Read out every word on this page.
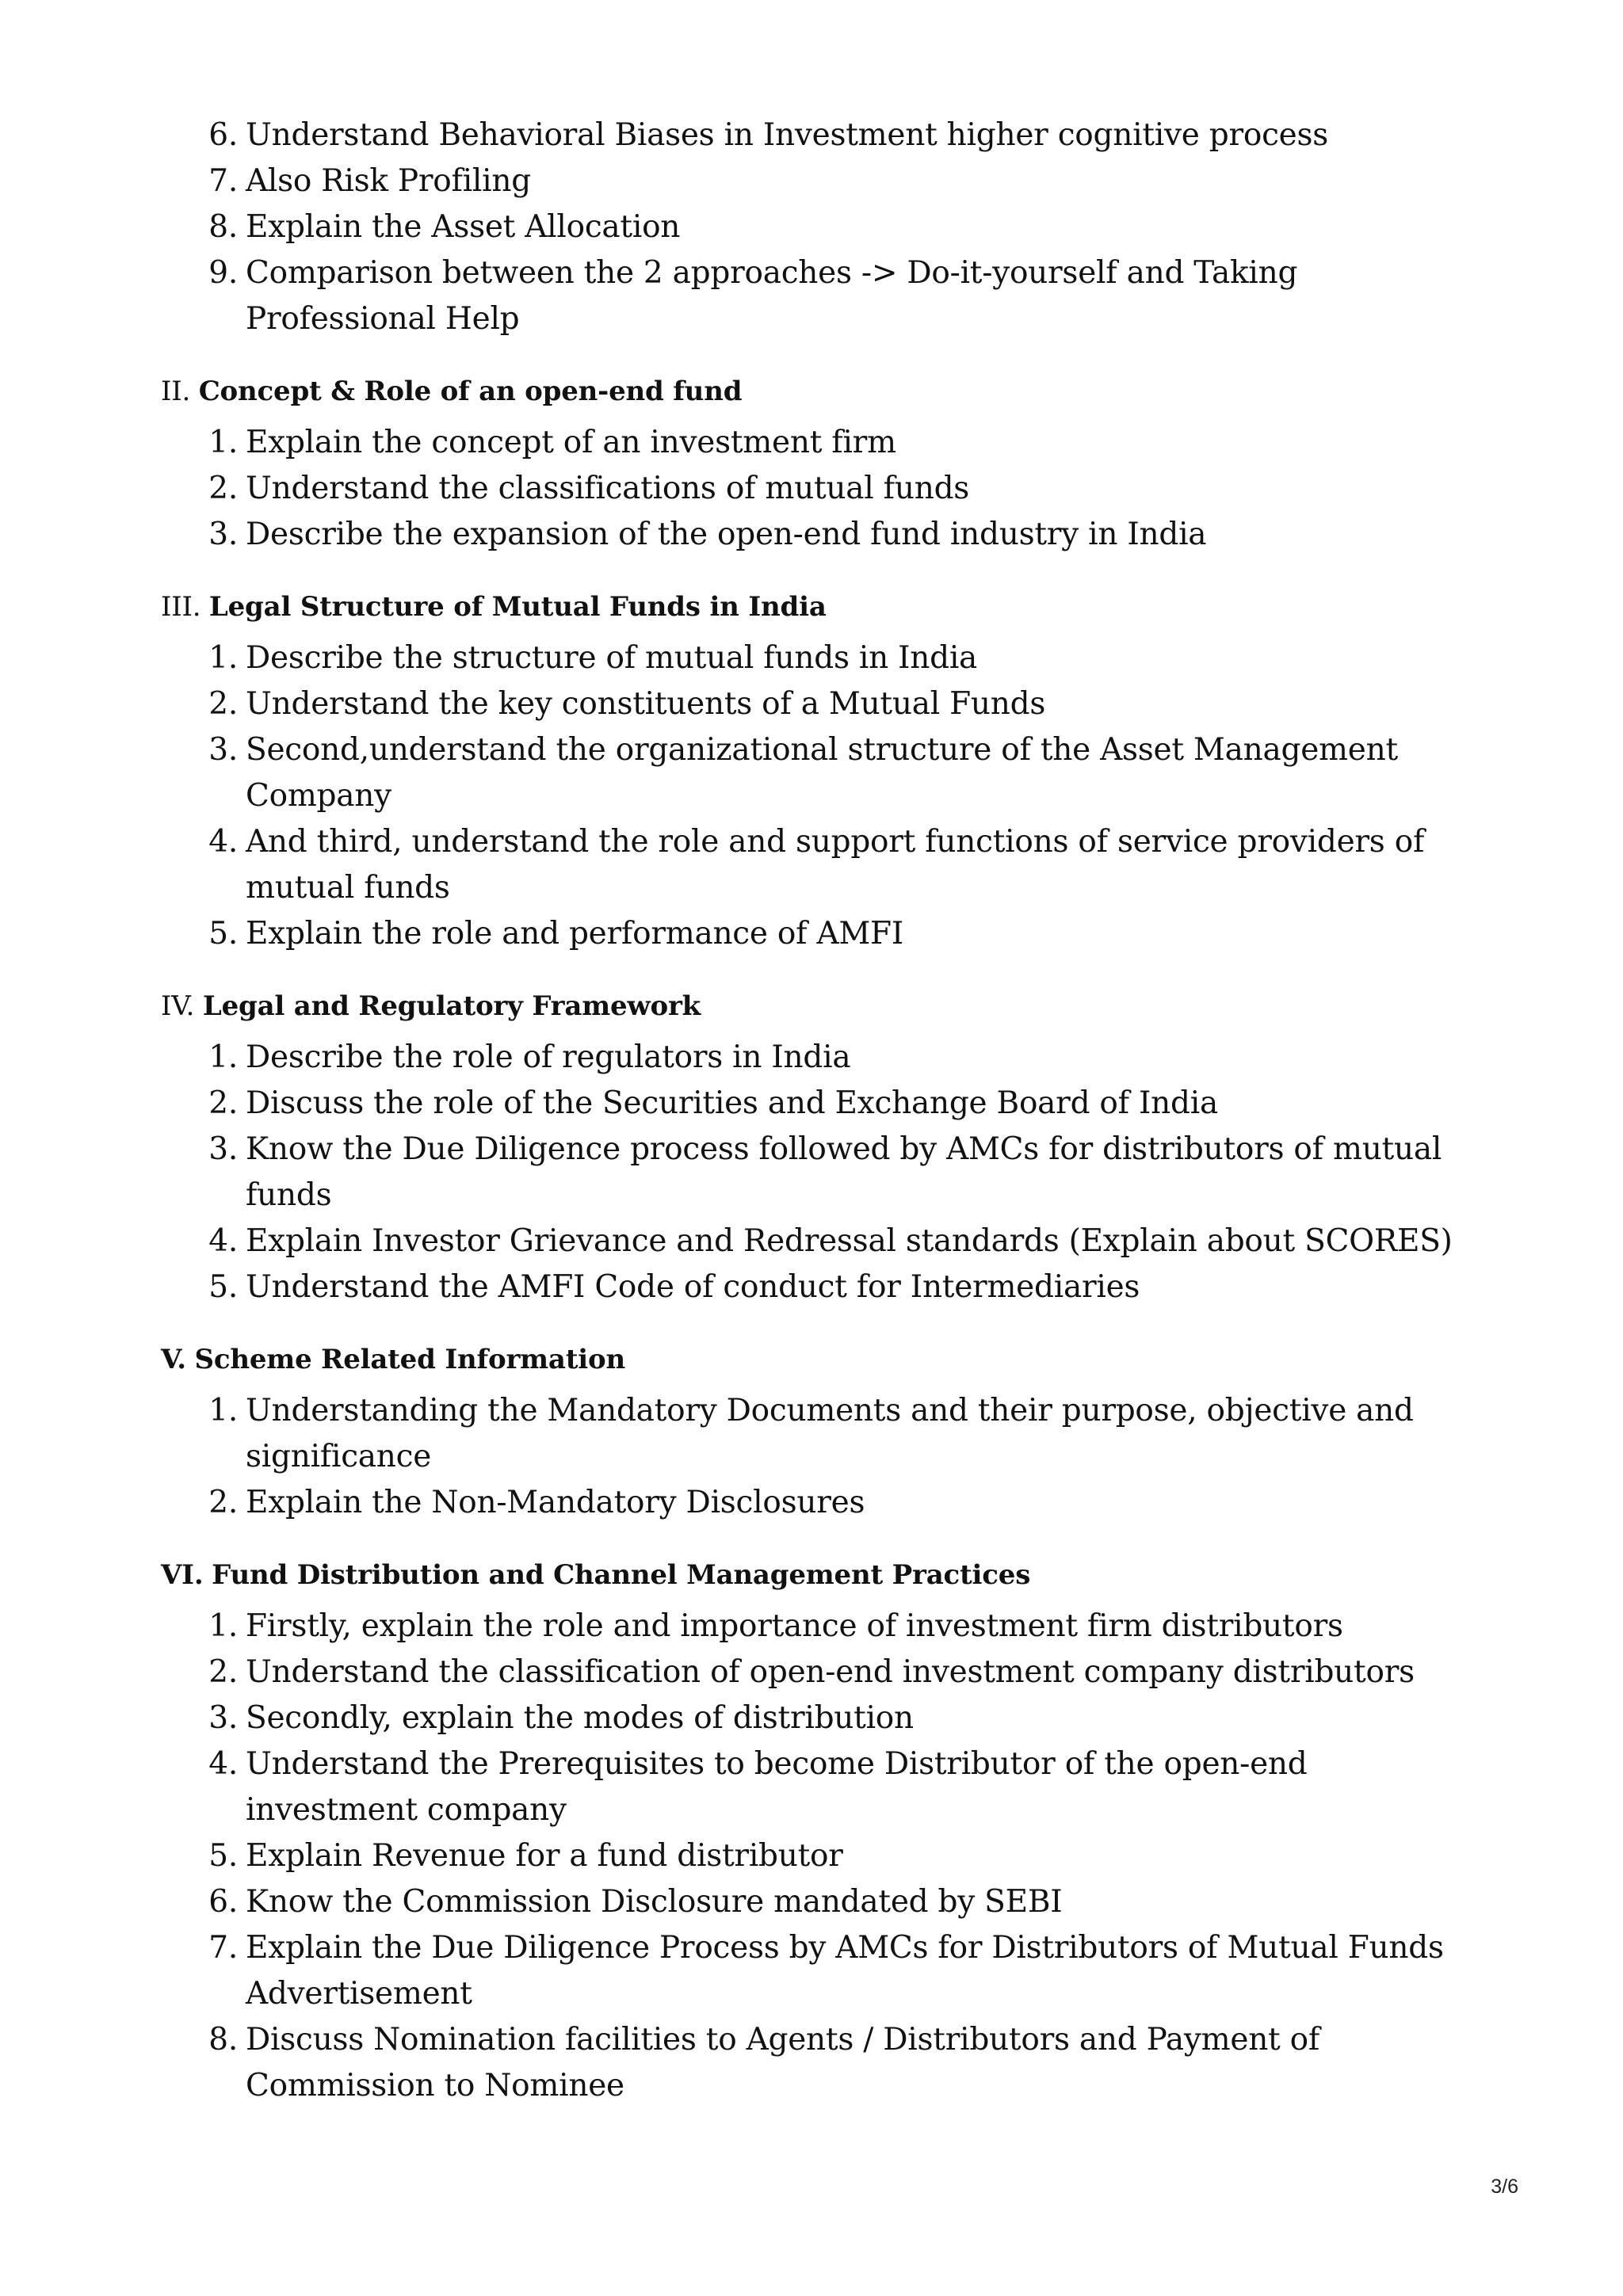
6. Understand Behavioral Biases in Investment higher cognitive process
7. Also Risk Profiling
8. Explain the Asset Allocation
9. Comparison between the 2 approaches -> Do-it-yourself and Taking Professional Help
II. Concept & Role of an open-end fund
1. Explain the concept of an investment firm
2. Understand the classifications of mutual funds
3. Describe the expansion of the open-end fund industry in India
III. Legal Structure of Mutual Funds in India
1. Describe the structure of mutual funds in India
2. Understand the key constituents of a Mutual Funds
3. Second,understand the organizational structure of the Asset Management Company
4. And third, understand the role and support functions of service providers of mutual funds
5. Explain the role and performance of AMFI
IV. Legal and Regulatory Framework
1. Describe the role of regulators in India
2. Discuss the role of the Securities and Exchange Board of India
3. Know the Due Diligence process followed by AMCs for distributors of mutual funds
4. Explain Investor Grievance and Redressal standards (Explain about SCORES)
5. Understand the AMFI Code of conduct for Intermediaries
V. Scheme Related Information
1. Understanding the Mandatory Documents and their purpose, objective and significance
2. Explain the Non-Mandatory Disclosures
VI. Fund Distribution and Channel Management Practices
1. Firstly, explain the role and importance of investment firm distributors
2. Understand the classification of open-end investment company distributors
3. Secondly, explain the modes of distribution
4. Understand the Prerequisites to become Distributor of the open-end investment company
5. Explain Revenue for a fund distributor
6. Know the Commission Disclosure mandated by SEBI
7. Explain the Due Diligence Process by AMCs for Distributors of Mutual Funds Advertisement
8. Discuss Nomination facilities to Agents / Distributors and Payment of Commission to Nominee
3/6
